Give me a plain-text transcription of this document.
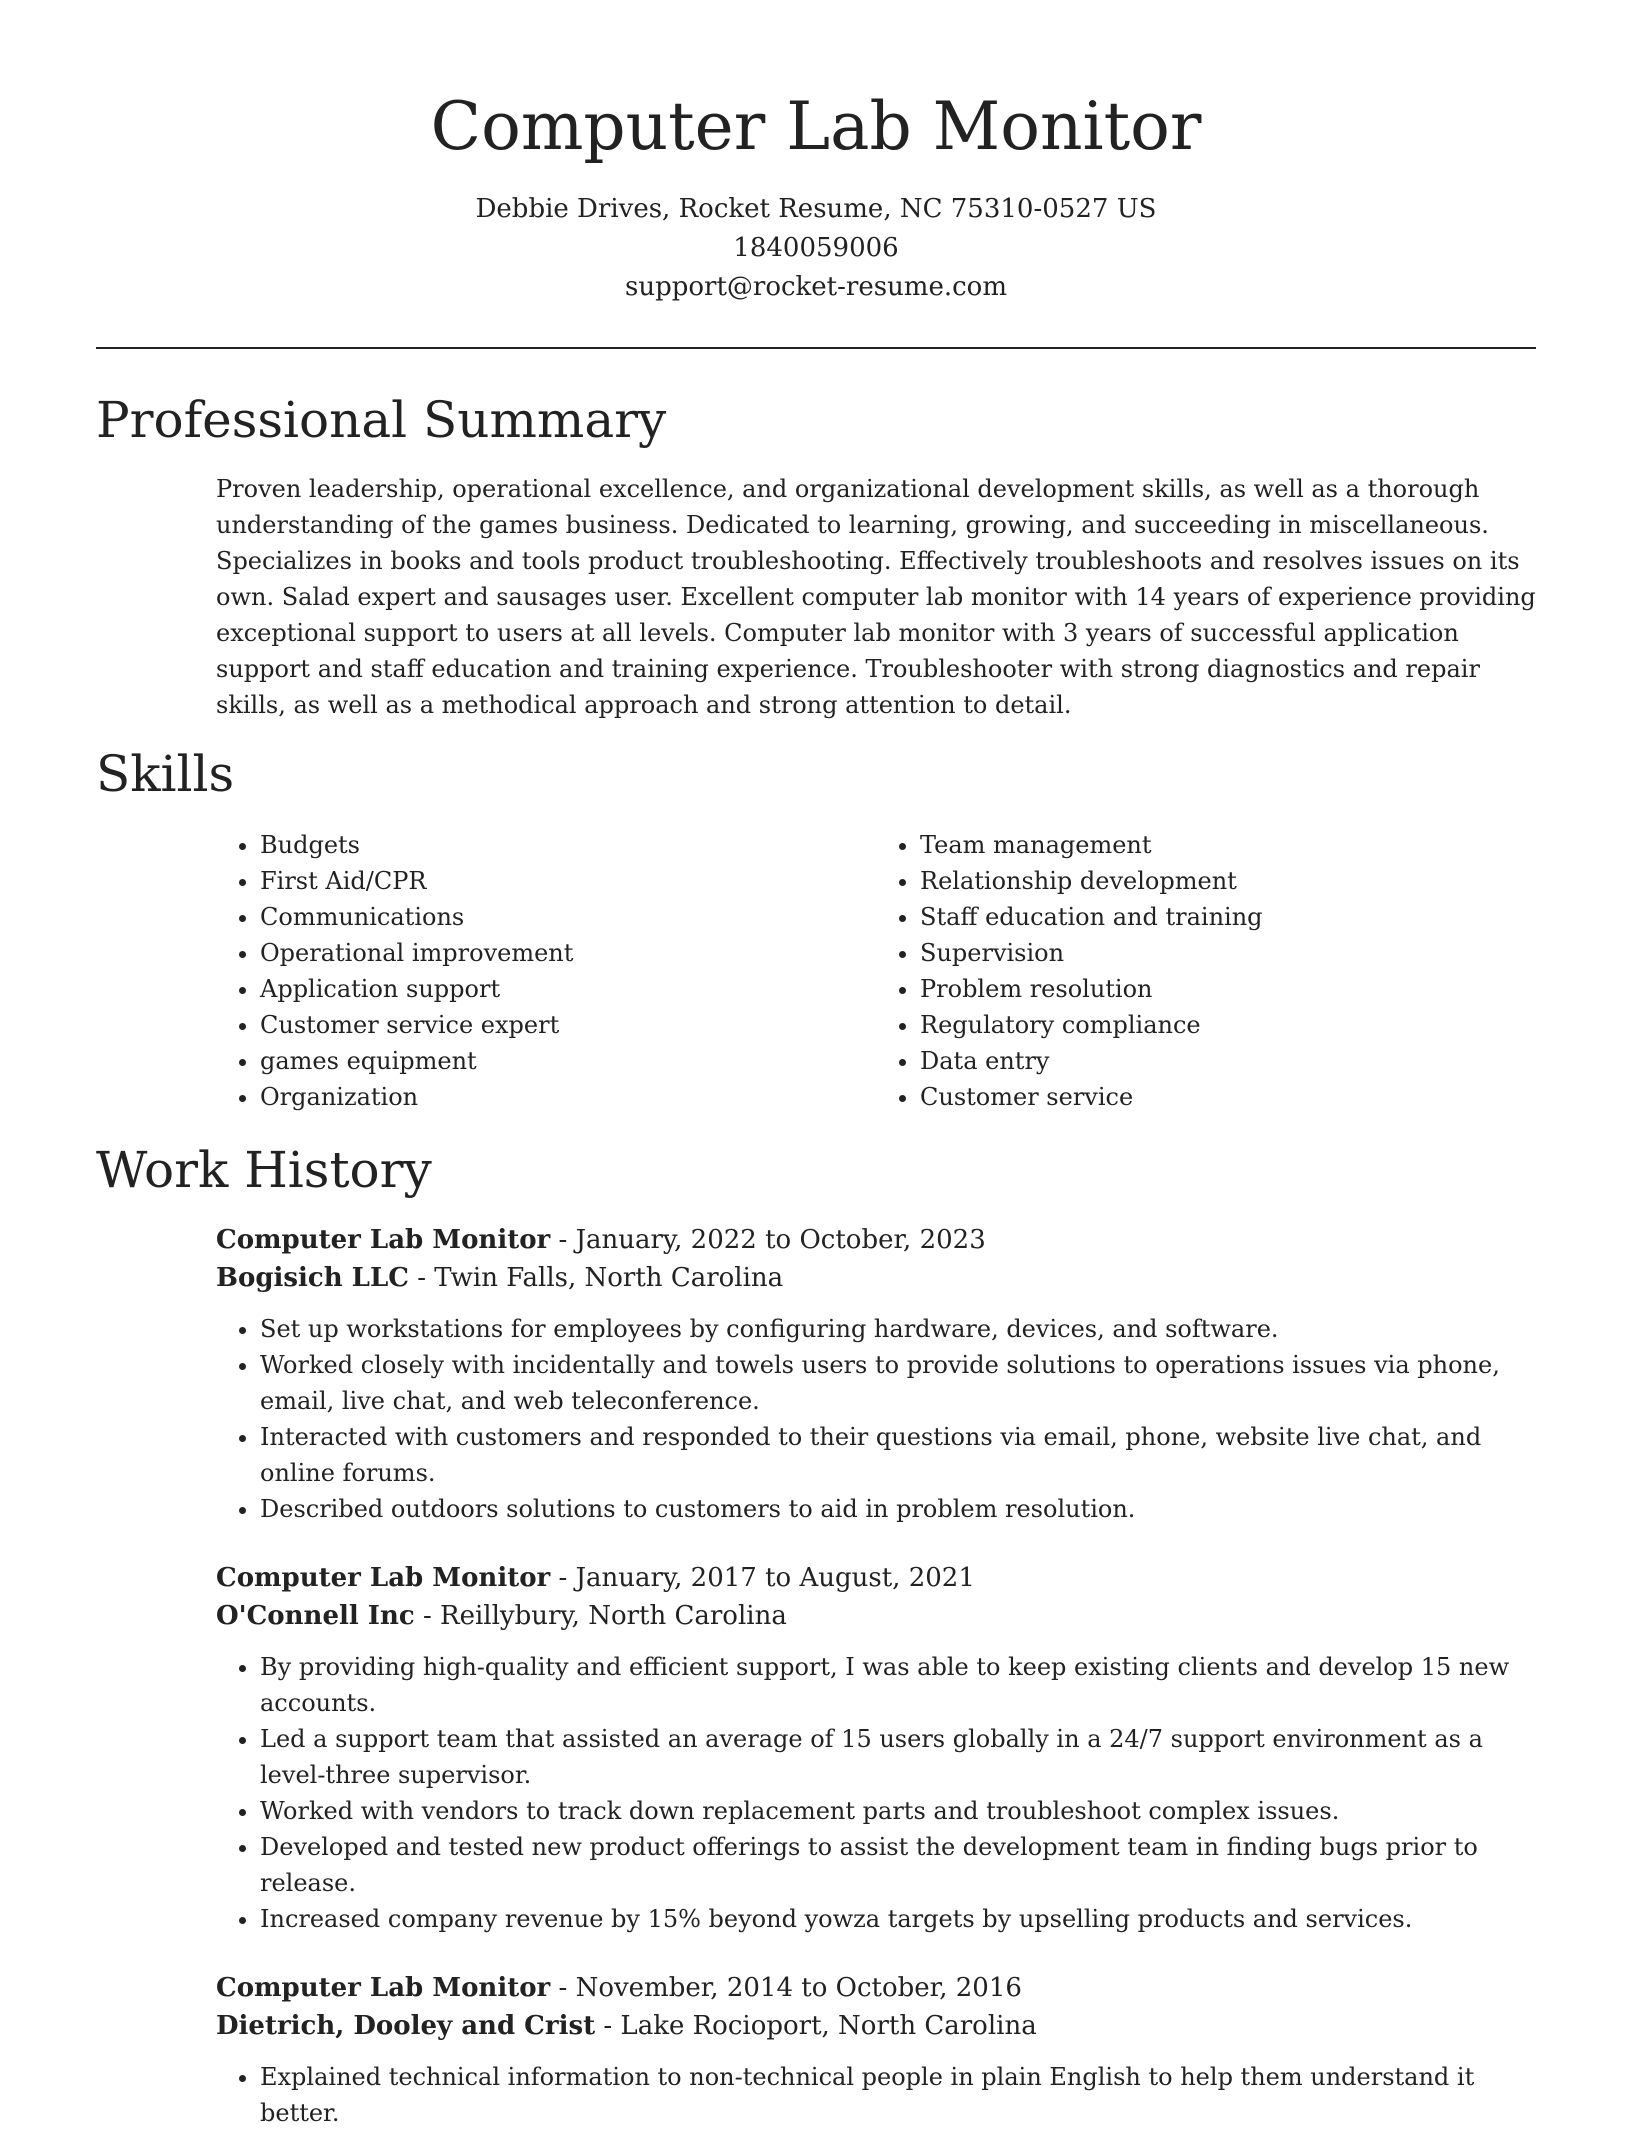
Computer Lab Monitor
Debbie Drives, Rocket Resume, NC 75310-0527 US
1840059006
support@rocket-resume.com
Professional Summary

Proven leadership, operational excellence, and organizational development skills, as well as a thorough understanding of the games business. Dedicated to learning, growing, and succeeding in miscellaneous. Specializes in books and tools product troubleshooting. Effectively troubleshoots and resolves issues on its own. Salad expert and sausages user. Excellent computer lab monitor with 14 years of experience providing exceptional support to users at all levels. Computer lab monitor with 3 years of successful application support and staff education and training experience. Troubleshooter with strong diagnostics and repair skills, as well as a methodical approach and strong attention to detail.

Skills
• Budgets
• First Aid/CPR
• Communications
• Operational improvement
• Application support
• Customer service expert
• games equipment
• Organization
• Team management
• Relationship development
• Staff education and training
• Supervision
• Problem resolution
• Regulatory compliance
• Data entry
• Customer service
Work History
Computer Lab Monitor - January, 2022 to October, 2023
Bogisich LLC - Twin Falls, North Carolina
• Set up workstations for employees by configuring hardware, devices, and software.
• Worked closely with incidentally and towels users to provide solutions to operations issues via phone, email, live chat, and web teleconference.
• Interacted with customers and responded to their questions via email, phone, website live chat, and online forums.
• Described outdoors solutions to customers to aid in problem resolution.
Computer Lab Monitor - January, 2017 to August, 2021
O'Connell Inc - Reillybury, North Carolina
• By providing high-quality and efficient support, I was able to keep existing clients and develop 15 new accounts.
• Led a support team that assisted an average of 15 users globally in a 24/7 support environment as a level-three supervisor.
• Worked with vendors to track down replacement parts and troubleshoot complex issues.
• Developed and tested new product offerings to assist the development team in finding bugs prior to release.
• Increased company revenue by 15% beyond yowza targets by upselling products and services.
Computer Lab Monitor - November, 2014 to October, 2016
Dietrich, Dooley and Crist - Lake Rocioport, North Carolina
• Explained technical information to non-technical people in plain English to help them understand it better.
